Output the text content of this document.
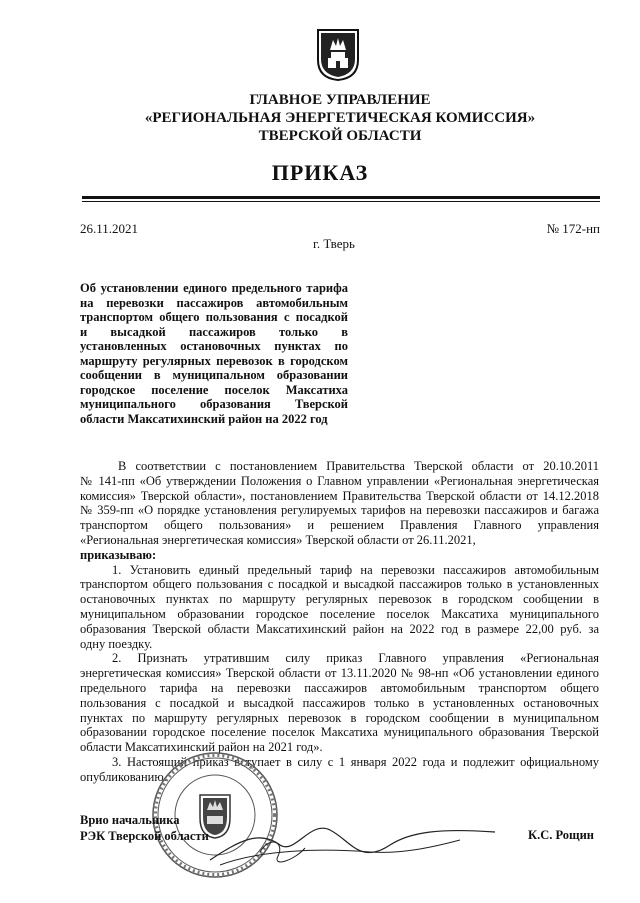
ГЛАВНОЕ УПРАВЛЕНИЕ
«РЕГИОНАЛЬНАЯ ЭНЕРГЕТИЧЕСКАЯ КОМИССИЯ»
ТВЕРСКОЙ ОБЛАСТИ
ПРИКАЗ
26.11.2021	№ 172-нп
г. Тверь
Об установлении единого предельного тарифа
на перевозки пассажиров автомобильным
транспортом общего пользования с посадкой
и высадкой пассажиров только в
установленных остановочных пунктах по
маршруту регулярных перевозок в городском
сообщении в муниципальном образовании
городское поселение поселок Максатиха
муниципального образования Тверской
области Максатихинский район на 2022 год
В соответствии с постановлением Правительства Тверской области от 20.10.2011
№ 141-пп «Об утверждении Положения о Главном управлении «Региональная энергетическая
комиссия» Тверской области», постановлением Правительства Тверской области от 14.12.2018
№ 359-пп «О порядке установления регулируемых тарифов на перевозки пассажиров и багажа
транспортом общего пользования» и решением Правления Главного управления
«Региональная энергетическая комиссия» Тверской области от 26.11.2021,
приказываю:
1. Установить единый предельный тариф на перевозки пассажиров автомобильным
транспортом общего пользования с посадкой и высадкой пассажиров только в установленных
остановочных пунктах по маршруту регулярных перевозок в городском сообщении в
муниципальном образовании городское поселение поселок Максатиха муниципального
образования Тверской области Максатихинский район на 2022 год в размере 22,00 руб. за
одну поездку.
2. Признать утратившим силу приказ Главного управления «Региональная
энергетическая комиссия» Тверской области от 13.11.2020 № 98-нп «Об установлении единого
предельного тарифа на перевозки пассажиров автомобильным транспортом общего
пользования с посадкой и высадкой пассажиров только в установленных остановочных
пунктах по маршруту регулярных перевозок в городском сообщении в муниципальном
образовании городское поселение поселок Максатиха муниципального образования Тверской
области Максатихинский район на 2021 год».
3. Настоящий приказ вступает в силу с 1 января 2022 года и подлежит официальному
опубликованию.
Врио начальника
РЭК Тверской области	К.С. Рощин
